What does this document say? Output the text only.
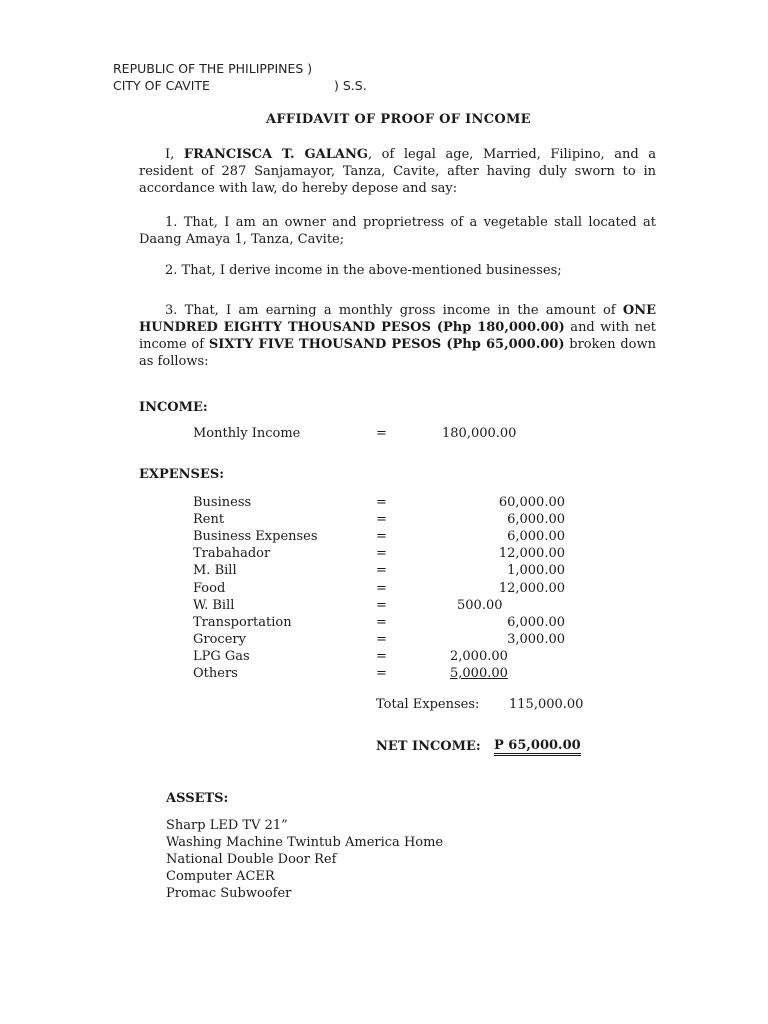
REPUBLIC OF THE PHILIPPINES )
CITY OF CAVITE	) S.S.
AFFIDAVIT OF PROOF OF INCOME
I, FRANCISCA T. GALANG, of legal age, Married, Filipino, and a resident of 287 Sanjamayor, Tanza, Cavite, after having duly sworn to in accordance with law, do hereby depose and say:
1. That, I am an owner and proprietress of a vegetable stall located at Daang Amaya 1, Tanza, Cavite;
2. That, I derive income in the above-mentioned businesses;
3. That, I am earning a monthly gross income in the amount of ONE HUNDRED EIGHTY THOUSAND PESOS (Php 180,000.00) and with net income of SIXTY FIVE THOUSAND PESOS (Php 65,000.00) broken down as follows:
INCOME:
Monthly Income	=	180,000.00
EXPENSES:
Business	=	60,000.00
Rent	=	6,000.00
Business Expenses	=	6,000.00
Trabahador	=	12,000.00
M. Bill	=	1,000.00
Food	=	12,000.00
W. Bill	=	500.00
Transportation	=	6,000.00
Grocery	=	3,000.00
LPG Gas	=	2,000.00
Others	=	5,000.00
Total Expenses: 115,000.00
NET INCOME: P 65,000.00
ASSETS:
Sharp LED TV 21”
Washing Machine Twintub America Home
National Double Door Ref
Computer ACER
Promac Subwoofer
